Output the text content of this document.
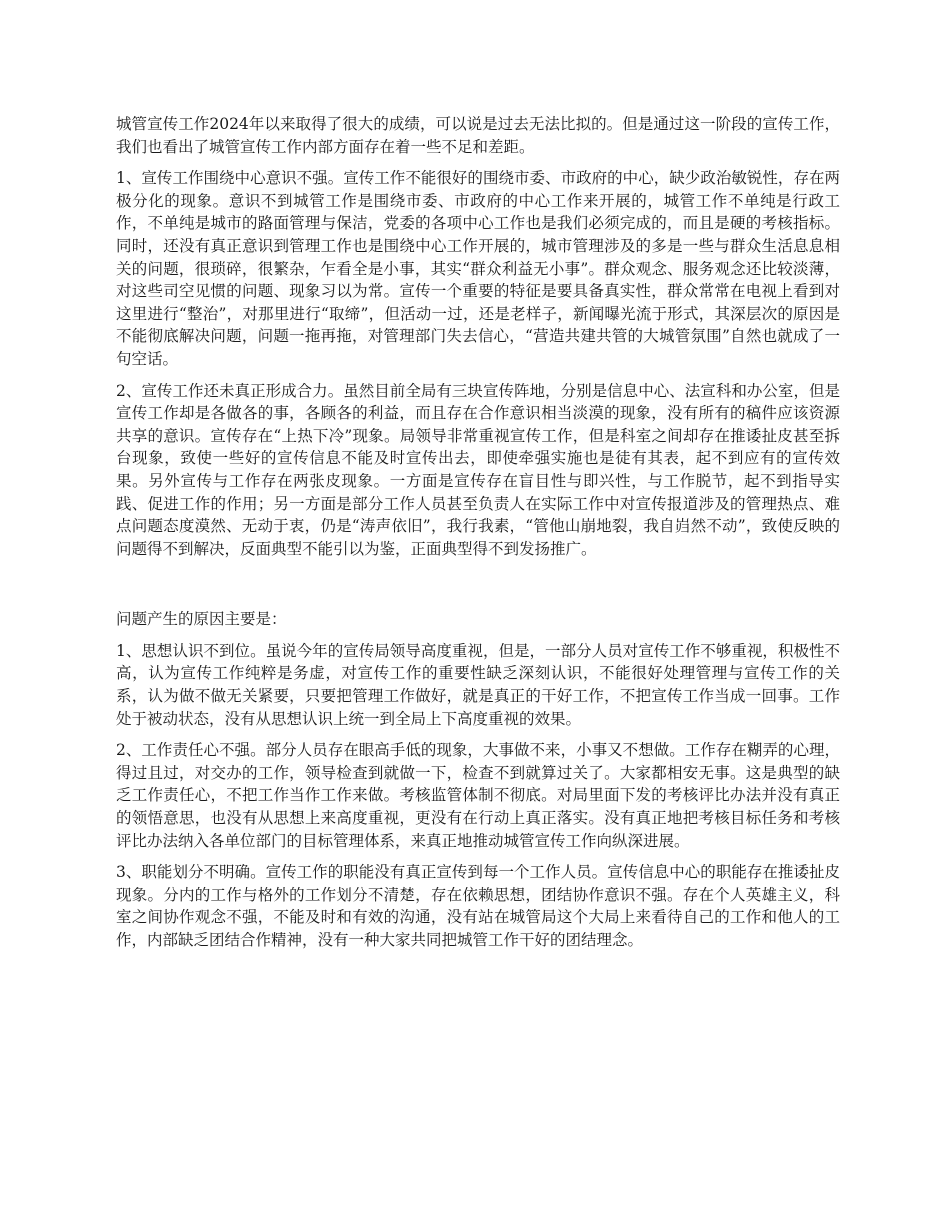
城管宣传工作2024年以来取得了很大的成绩，可以说是过去无法比拟的。但是通过这一阶段的宣传工作，我们也看出了城管宣传工作内部方面存在着一些不足和差距。

1、宣传工作围绕中心意识不强。宣传工作不能很好的围绕市委、市政府的中心，缺少政治敏锐性，存在两极分化的现象。意识不到城管工作是围绕市委、市政府的中心工作来开展的，城管工作不单纯是行政工作，不单纯是城市的路面管理与保洁，党委的各项中心工作也是我们必须完成的，而且是硬的考核指标。同时，还没有真正意识到管理工作也是围绕中心工作开展的，城市管理涉及的多是一些与群众生活息息相关的问题，很琐碎，很繁杂，乍看全是小事，其实“群众利益无小事”。群众观念、服务观念还比较淡薄，对这些司空见惯的问题、现象习以为常。宣传一个重要的特征是要具备真实性，群众常常在电视上看到对这里进行“整治”，对那里进行“取缔”，但活动一过，还是老样子，新闻曝光流于形式，其深层次的原因是不能彻底解决问题，问题一拖再拖，对管理部门失去信心，“营造共建共管的大城管氛围”自然也就成了一句空话。

2、宣传工作还未真正形成合力。虽然目前全局有三块宣传阵地，分别是信息中心、法宣科和办公室，但是宣传工作却是各做各的事，各顾各的利益，而且存在合作意识相当淡漠的现象，没有所有的稿件应该资源共享的意识。宣传存在“上热下冷”现象。局领导非常重视宣传工作，但是科室之间却存在推诿扯皮甚至拆台现象，致使一些好的宣传信息不能及时宣传出去，即使牵强实施也是徒有其表，起不到应有的宣传效果。另外宣传与工作存在两张皮现象。一方面是宣传存在盲目性与即兴性，与工作脱节，起不到指导实践、促进工作的作用；另一方面是部分工作人员甚至负责人在实际工作中对宣传报道涉及的管理热点、难点问题态度漠然、无动于衷，仍是“涛声依旧”，我行我素，“管他山崩地裂，我自岿然不动”，致使反映的问题得不到解决，反面典型不能引以为鉴，正面典型得不到发扬推广。

问题产生的原因主要是：

1、思想认识不到位。虽说今年的宣传局领导高度重视，但是，一部分人员对宣传工作不够重视，积极性不高，认为宣传工作纯粹是务虚，对宣传工作的重要性缺乏深刻认识，不能很好处理管理与宣传工作的关系，认为做不做无关紧要，只要把管理工作做好，就是真正的干好工作，不把宣传工作当成一回事。工作处于被动状态，没有从思想认识上统一到全局上下高度重视的效果。

2、工作责任心不强。部分人员存在眼高手低的现象，大事做不来，小事又不想做。工作存在糊弄的心理，得过且过，对交办的工作，领导检查到就做一下，检查不到就算过关了。大家都相安无事。这是典型的缺乏工作责任心，不把工作当作工作来做。考核监管体制不彻底。对局里面下发的考核评比办法并没有真正的领悟意思，也没有从思想上来高度重视，更没有在行动上真正落实。没有真正地把考核目标任务和考核评比办法纳入各单位部门的目标管理体系，来真正地推动城管宣传工作向纵深进展。

3、职能划分不明确。宣传工作的职能没有真正宣传到每一个工作人员。宣传信息中心的职能存在推诿扯皮现象。分内的工作与格外的工作划分不清楚，存在依赖思想，团结协作意识不强。存在个人英雄主义，科室之间协作观念不强，不能及时和有效的沟通，没有站在城管局这个大局上来看待自己的工作和他人的工作，内部缺乏团结合作精神，没有一种大家共同把城管工作干好的团结理念。
